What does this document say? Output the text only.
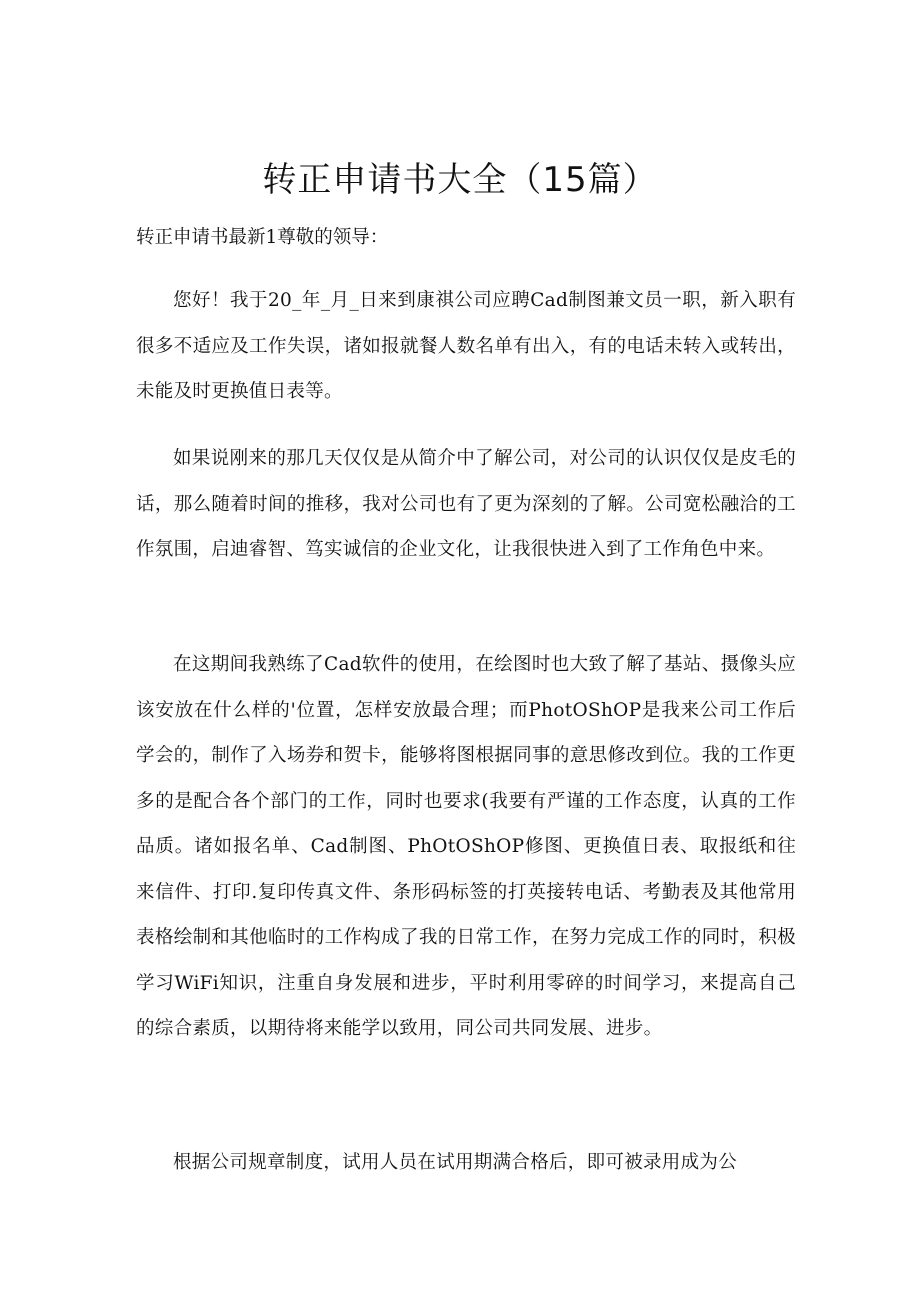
转正申请书大全（15篇）

转正申请书最新1尊敬的领导：

您好！我于20_年_月_日来到康祺公司应聘Cad制图兼文员一职，新入职有很多不适应及工作失误，诸如报就餐人数名单有出入，有的电话未转入或转出，未能及时更换值日表等。

如果说刚来的那几天仅仅是从简介中了解公司，对公司的认识仅仅是皮毛的话，那么随着时间的推移，我对公司也有了更为深刻的了解。公司宽松融洽的工作氛围，启迪睿智、笃实诚信的企业文化，让我很快进入到了工作角色中来。

在这期间我熟练了Cad软件的使用，在绘图时也大致了解了基站、摄像头应该安放在什么样的'位置，怎样安放最合理；而PhotOShOP是我来公司工作后学会的，制作了入场券和贺卡，能够将图根据同事的意思修改到位。我的工作更多的是配合各个部门的工作，同时也要求(我要有严谨的工作态度，认真的工作品质。诸如报名单、Cad制图、PhOtOShOP修图、更换值日表、取报纸和往来信件、打印.复印传真文件、条形码标签的打英接转电话、考勤表及其他常用表格绘制和其他临时的工作构成了我的日常工作，在努力完成工作的同时，积极学习WiFi知识，注重自身发展和进步，平时利用零碎的时间学习，来提高自己的综合素质，以期待将来能学以致用，同公司共同发展、进步。

根据公司规章制度，试用人员在试用期满合格后，即可被录用成为公
